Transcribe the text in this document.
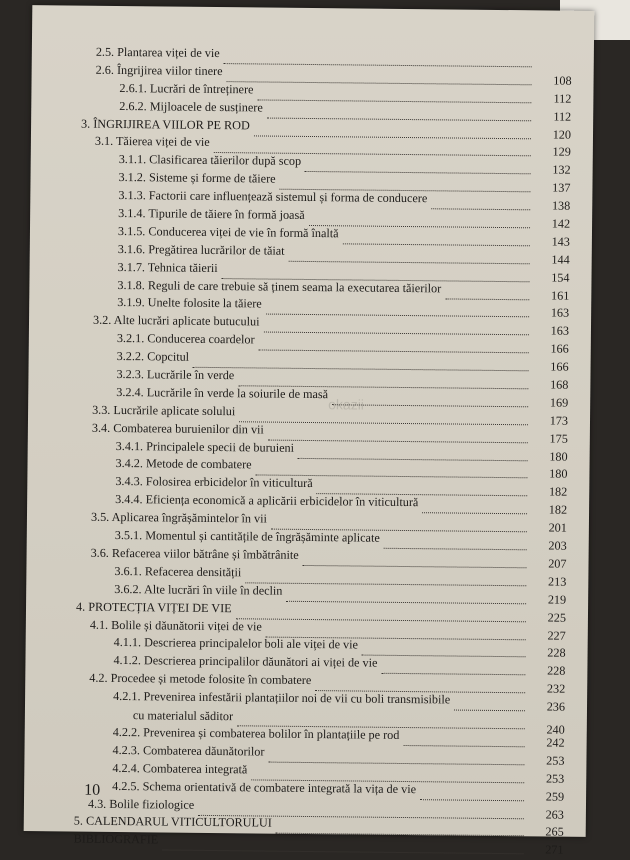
2.5. Plantarea viței de vie
2.6. Îngrijirea viilor tinere
108
2.6.1. Lucrări de întreținere
112
2.6.2. Mijloacele de susținere
112
3. ÎNGRIJIREA VIILOR PE ROD
120
3.1. Tăierea viței de vie
129
3.1.1. Clasificarea tăierilor după scop
132
3.1.2. Sisteme și forme de tăiere
137
3.1.3. Factorii care influențează sistemul și forma de conducere
138
3.1.4. Tipurile de tăiere în formă joasă
142
3.1.5. Conducerea viței de vie în formă înaltă
143
3.1.6. Pregătirea lucrărilor de tăiat
144
3.1.7. Tehnica tăierii
154
3.1.8. Reguli de care trebuie să ținem seama la executarea tăierilor
161
3.1.9. Unelte folosite la tăiere
163
3.2. Alte lucrări aplicate butucului
163
3.2.1. Conducerea coardelor
166
3.2.2. Copcitul
166
3.2.3. Lucrările în verde
168
3.2.4. Lucrările în verde la soiurile de masă
169
3.3. Lucrările aplicate solului
173
3.4. Combaterea buruienilor din vii
175
3.4.1. Principalele specii de buruieni
180
3.4.2. Metode de combatere
180
3.4.3. Folosirea erbicidelor în viticultură
182
3.4.4. Eficiența economică a aplicării erbicidelor în viticultură
182
3.5. Aplicarea îngrășămintelor în vii
201
3.5.1. Momentul și cantitățile de îngrășăminte aplicate
203
3.6. Refacerea viilor bătrâne și îmbătrânite
207
3.6.1. Refacerea densității
213
3.6.2. Alte lucrări în viile în declin
219
4. PROTECȚIA VIȚEI DE VIE
225
4.1. Bolile și dăunătorii viței de vie
227
4.1.1. Descrierea principalelor boli ale viței de vie
228
4.1.2. Descrierea principalilor dăunători ai viței de vie
228
4.2. Procedee și metode folosite în combatere
232
4.2.1. Prevenirea infestării plantațiilor noi de vii cu boli transmisibile
236
cu materialul săditor
240
4.2.2. Prevenirea și combaterea bolilor în plantațiile pe rod
242
4.2.3. Combaterea dăunătorilor
253
4.2.4. Combaterea integrată
253
4.2.5. Schema orientativă de combatere integrată la vița de vie
259
4.3. Bolile fiziologice
263
5. CALENDARUL VITICULTORULUI
265
BIBLIOGRAFIE
271
okazii
10
